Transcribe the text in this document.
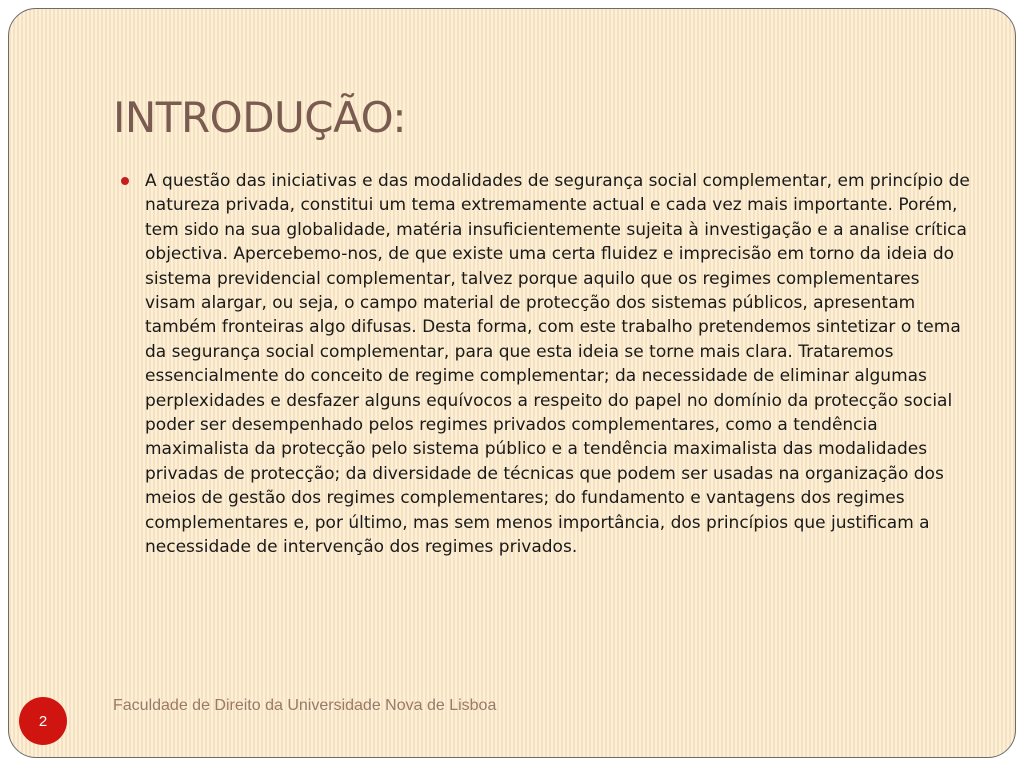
INTRODUÇÃO:

A questão das iniciativas e das modalidades de segurança social complementar, em princípio de natureza privada, constitui um tema extremamente actual e cada vez mais importante. Porém, tem sido na sua globalidade, matéria insuficientemente sujeita à investigação e a analise crítica objectiva. Apercebemo-nos, de que existe uma certa fluidez e imprecisão em torno da ideia do sistema previdencial complementar, talvez porque aquilo que os regimes complementares visam alargar, ou seja, o campo material de protecção dos sistemas públicos, apresentam também fronteiras algo difusas. Desta forma, com este trabalho pretendemos sintetizar o tema da segurança social complementar, para que esta ideia se torne mais clara. Trataremos essencialmente do conceito de regime complementar; da necessidade de eliminar algumas perplexidades e desfazer alguns equívocos a respeito do papel no domínio da protecção social poder ser desempenhado pelos regimes privados complementares, como a tendência maximalista da protecção pelo sistema público e a tendência maximalista das modalidades privadas de protecção; da diversidade de técnicas que podem ser usadas na organização dos meios de gestão dos regimes complementares; do fundamento e vantagens dos regimes complementares e, por último, mas sem menos importância, dos princípios que justificam a necessidade de intervenção dos regimes privados.

2

Faculdade de Direito da Universidade Nova de Lisboa
